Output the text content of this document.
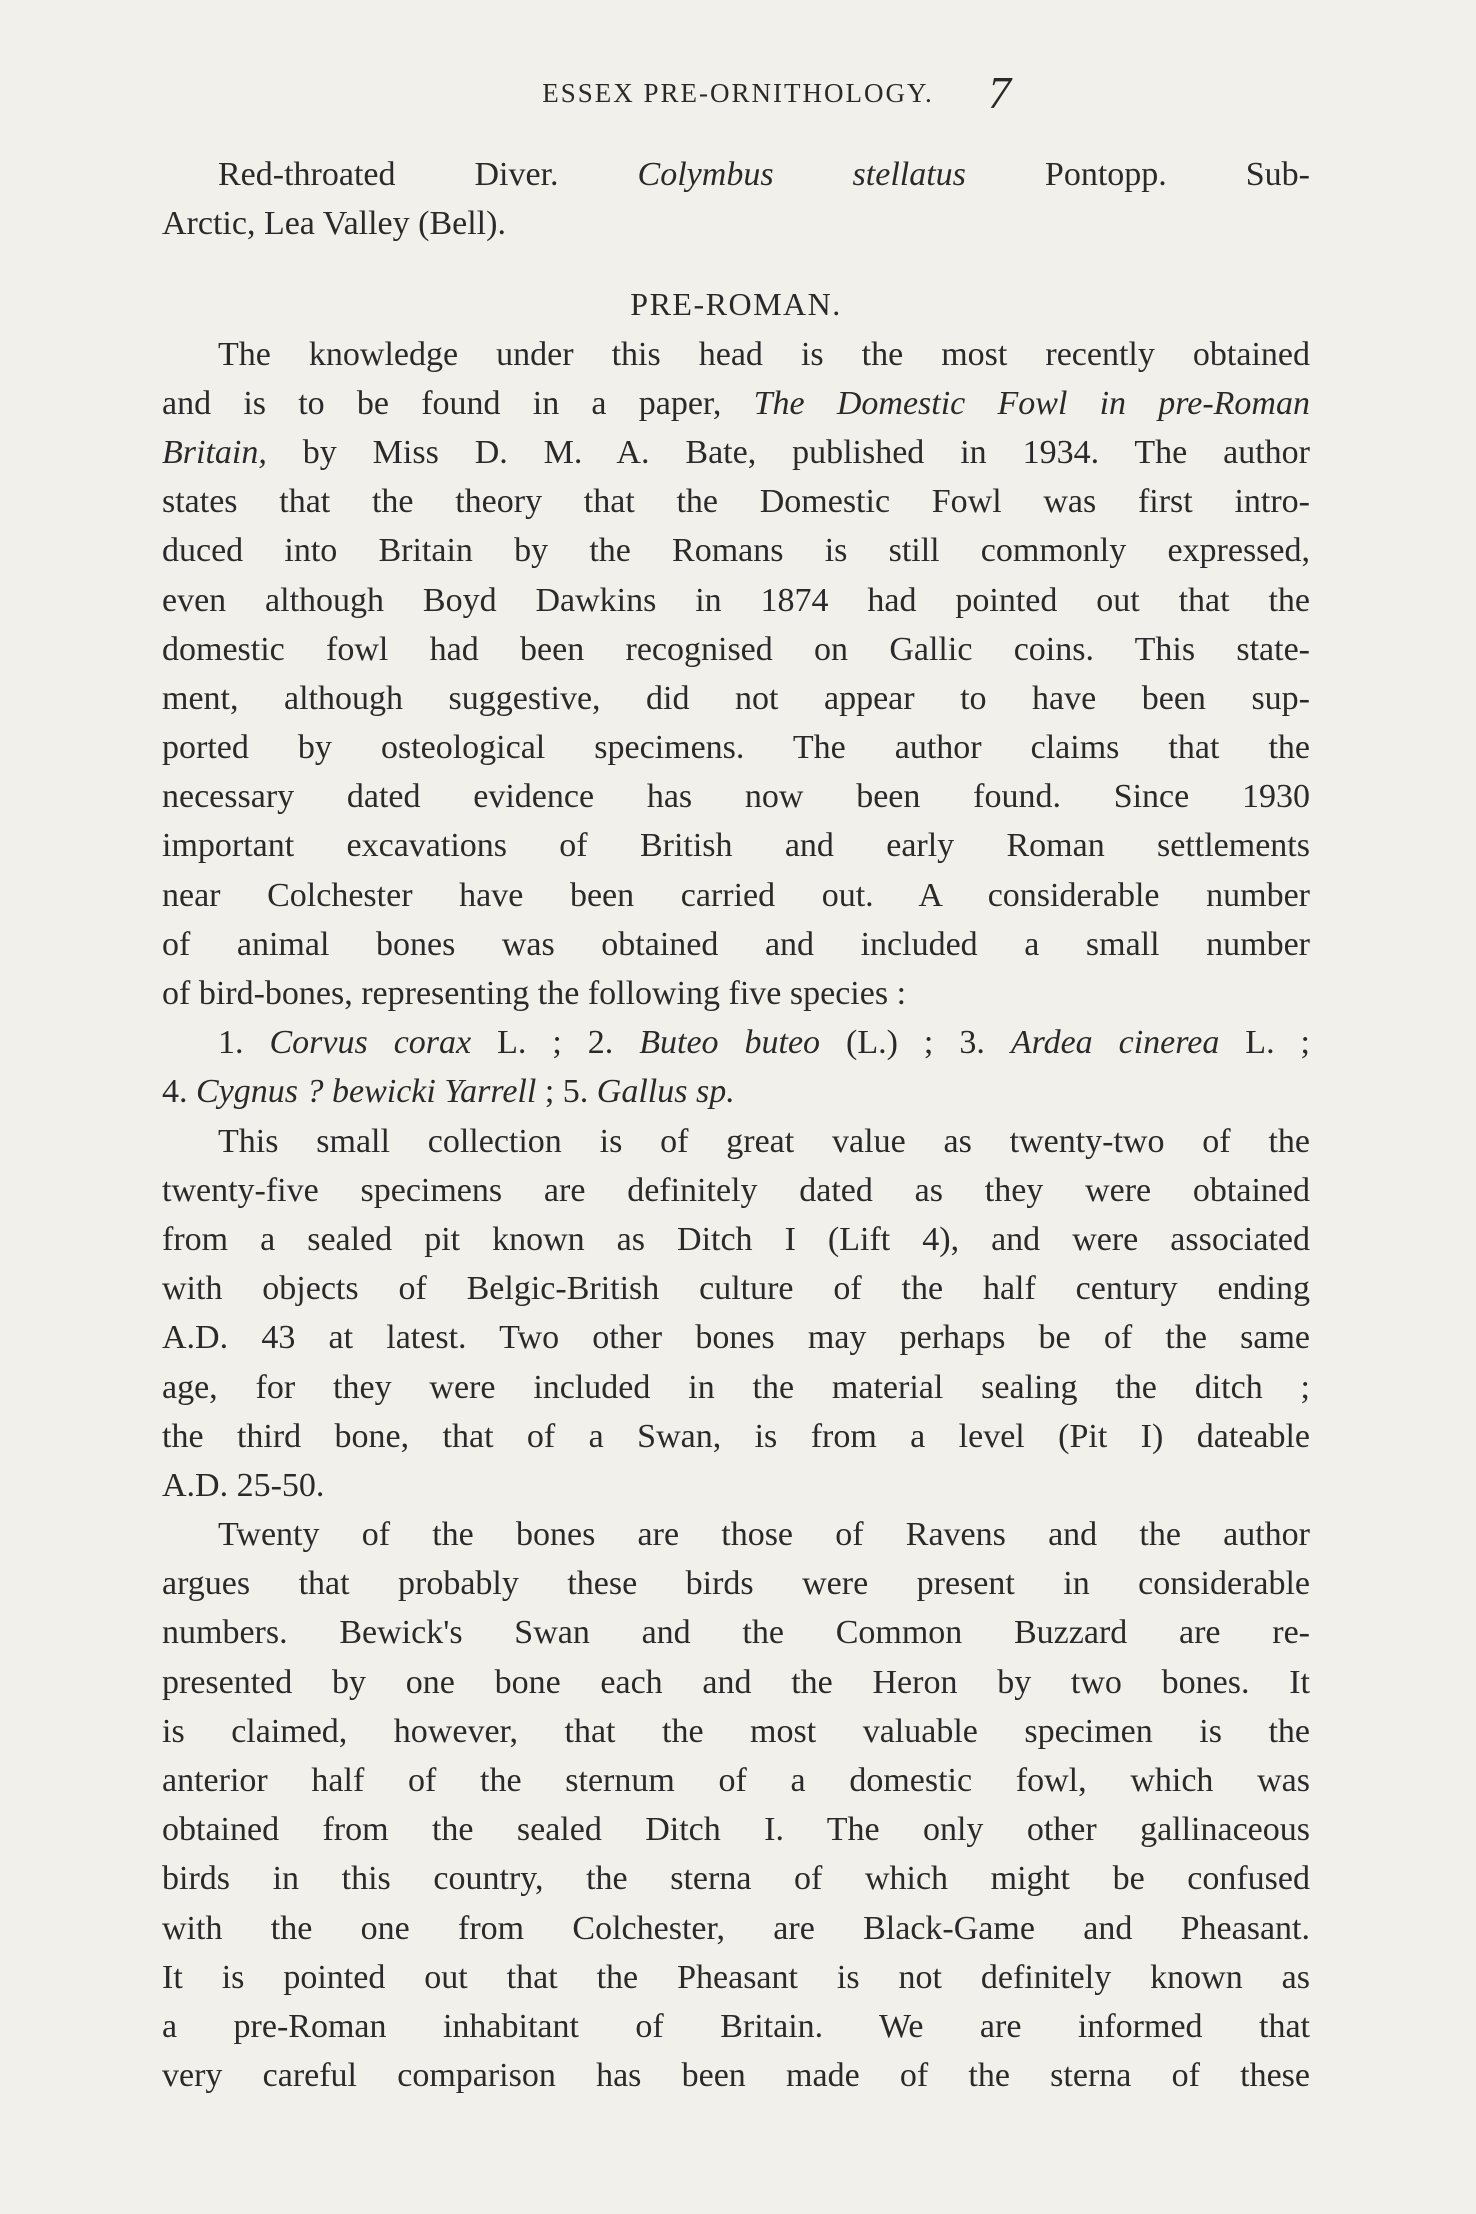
ESSEX PRE-ORNITHOLOGY.	7
Red-throated Diver. Colymbus stellatus Pontopp. Sub-
Arctic, Lea Valley (Bell).
PRE-ROMAN.
The knowledge under this head is the most recently obtained
and is to be found in a paper, The Domestic Fowl in pre-Roman
Britain, by Miss D. M. A. Bate, published in 1934. The author
states that the theory that the Domestic Fowl was first intro-
duced into Britain by the Romans is still commonly expressed,
even although Boyd Dawkins in 1874 had pointed out that the
domestic fowl had been recognised on Gallic coins. This state-
ment, although suggestive, did not appear to have been sup-
ported by osteological specimens. The author claims that the
necessary dated evidence has now been found. Since 1930
important excavations of British and early Roman settlements
near Colchester have been carried out. A considerable number
of animal bones was obtained and included a small number
of bird-bones, representing the following five species :
1. Corvus corax L. ; 2. Buteo buteo (L.) ; 3. Ardea cinerea L. ;
4. Cygnus ? bewicki Yarrell ; 5. Gallus sp.
This small collection is of great value as twenty-two of the
twenty-five specimens are definitely dated as they were obtained
from a sealed pit known as Ditch I (Lift 4), and were associated
with objects of Belgic-British culture of the half century ending
A.D. 43 at latest. Two other bones may perhaps be of the same
age, for they were included in the material sealing the ditch ;
the third bone, that of a Swan, is from a level (Pit I) dateable
A.D. 25-50.
Twenty of the bones are those of Ravens and the author
argues that probably these birds were present in considerable
numbers. Bewick's Swan and the Common Buzzard are re-
presented by one bone each and the Heron by two bones. It
is claimed, however, that the most valuable specimen is the
anterior half of the sternum of a domestic fowl, which was
obtained from the sealed Ditch I. The only other gallinaceous
birds in this country, the sterna of which might be confused
with the one from Colchester, are Black-Game and Pheasant.
It is pointed out that the Pheasant is not definitely known as
a pre-Roman inhabitant of Britain. We are informed that
very careful comparison has been made of the sterna of these
